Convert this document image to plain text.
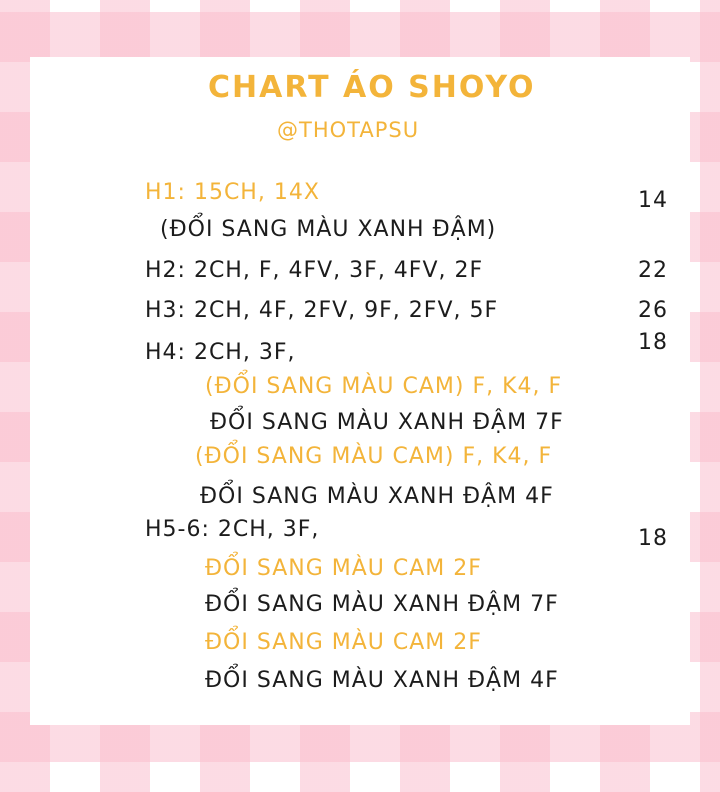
CHART ÁO SHOYO
@THOTAPSU
H1: 15CH, 14X	14
(ĐỔI SANG MÀU XANH ĐẬM)
H2: 2CH, F, 4FV, 3F, 4FV, 2F	22
H3: 2CH, 4F, 2FV, 9F, 2FV, 5F	26
H4: 2CH, 3F,	18
(ĐỔI SANG MÀU CAM) F, K4, F
ĐỔI SANG MÀU XANH ĐẬM 7F
(ĐỔI SANG MÀU CAM) F, K4, F
ĐỔI SANG MÀU XANH ĐẬM 4F
H5-6: 2CH, 3F,	18
ĐỔI SANG MÀU CAM 2F
ĐỔI SANG MÀU XANH ĐẬM 7F
ĐỔI SANG MÀU CAM 2F
ĐỔI SANG MÀU XANH ĐẬM 4F
